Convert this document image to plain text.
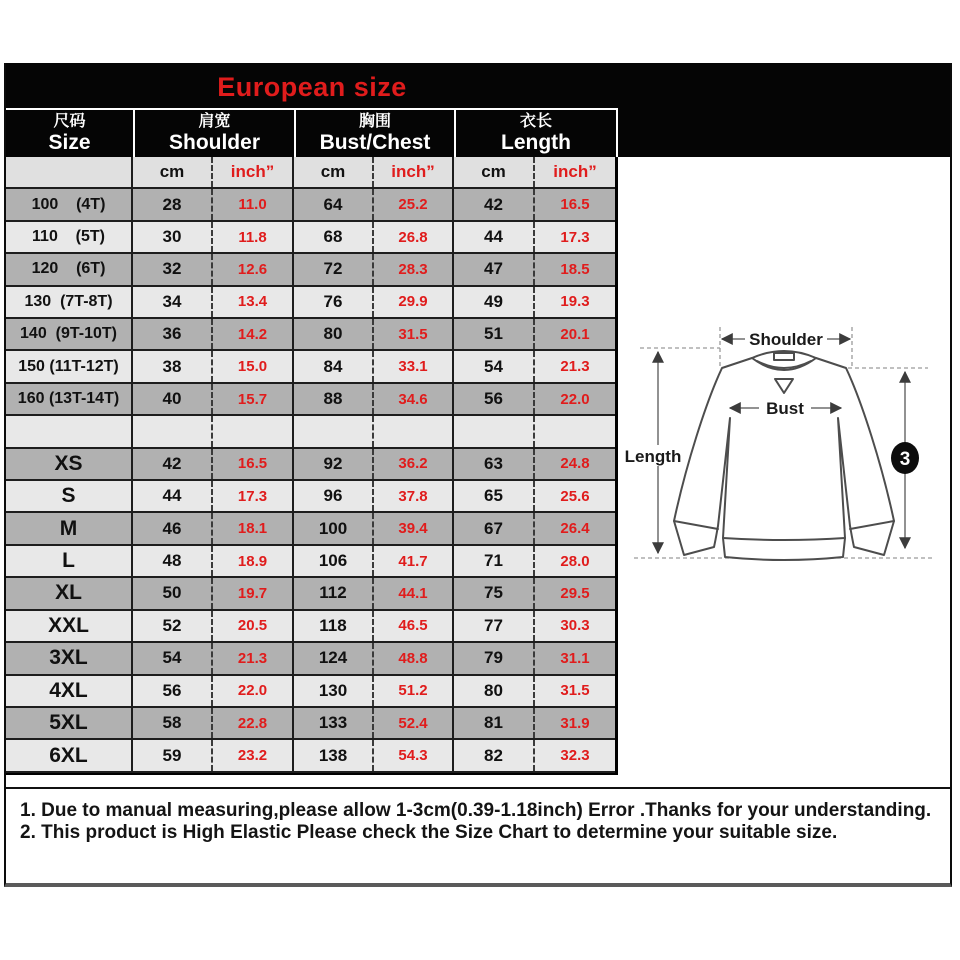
European size
尺码
Size
肩宽
Shoulder
胸围
Bust/Chest
衣长
Length
cm	inch”	cm	inch”	cm	inch”
100    (4T)	28	11.0	64	25.2	42	16.5
110    (5T)	30	11.8	68	26.8	44	17.3
120    (6T)	32	12.6	72	28.3	47	18.5
130  (7T-8T)	34	13.4	76	29.9	49	19.3
140  (9T-10T)	36	14.2	80	31.5	51	20.1
150 (11T-12T)	38	15.0	84	33.1	54	21.3
160 (13T-14T)	40	15.7	88	34.6	56	22.0
XS	42	16.5	92	36.2	63	24.8
S	44	17.3	96	37.8	65	25.6
M	46	18.1	100	39.4	67	26.4
L	48	18.9	106	41.7	71	28.0
XL	50	19.7	112	44.1	75	29.5
XXL	52	20.5	118	46.5	77	30.3
3XL	54	21.3	124	48.8	79	31.1
4XL	56	22.0	130	51.2	80	31.5
5XL	58	22.8	133	52.4	81	31.9
6XL	59	23.2	138	54.3	82	32.3
Shoulder
Bust
Length	3
1. Due to manual measuring,please allow 1-3cm(0.39-1.18inch) Error .Thanks for your understanding.
2. This product is High Elastic Please check the Size Chart to determine your suitable size.
